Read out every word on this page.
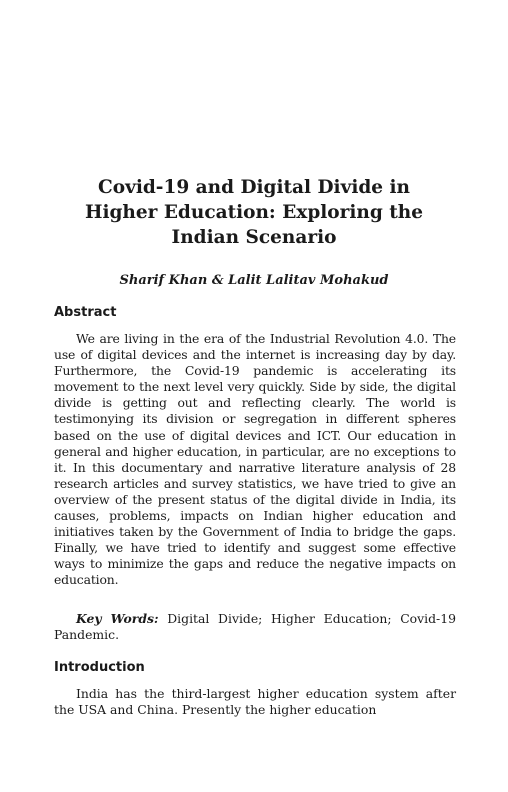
Covid-19 and Digital Divide in
Higher Education: Exploring the
Indian Scenario

Sharif Khan & Lalit Lalitav Mohakud

Abstract

We are living in the era of the Industrial Revolution 4.0. The use of digital devices and the internet is increasing day by day. Furthermore, the Covid-19 pandemic is accelerating its movement to the next level very quickly. Side by side, the digital divide is getting out and reflecting clearly. The world is testimonying its division or segregation in different spheres based on the use of digital devices and ICT. Our education in general and higher education, in particular, are no exceptions to it. In this documentary and narrative literature analysis of 28 research articles and survey statistics, we have tried to give an overview of the present status of the digital divide in India, its causes, problems, impacts on Indian higher education and initiatives taken by the Government of India to bridge the gaps. Finally, we have tried to identify and suggest some effective ways to minimize the gaps and reduce the negative impacts on education.

Key Words: Digital Divide; Higher Education; Covid-19 Pandemic.

Introduction

India has the third-largest higher education system after the USA and China. Presently the higher education
